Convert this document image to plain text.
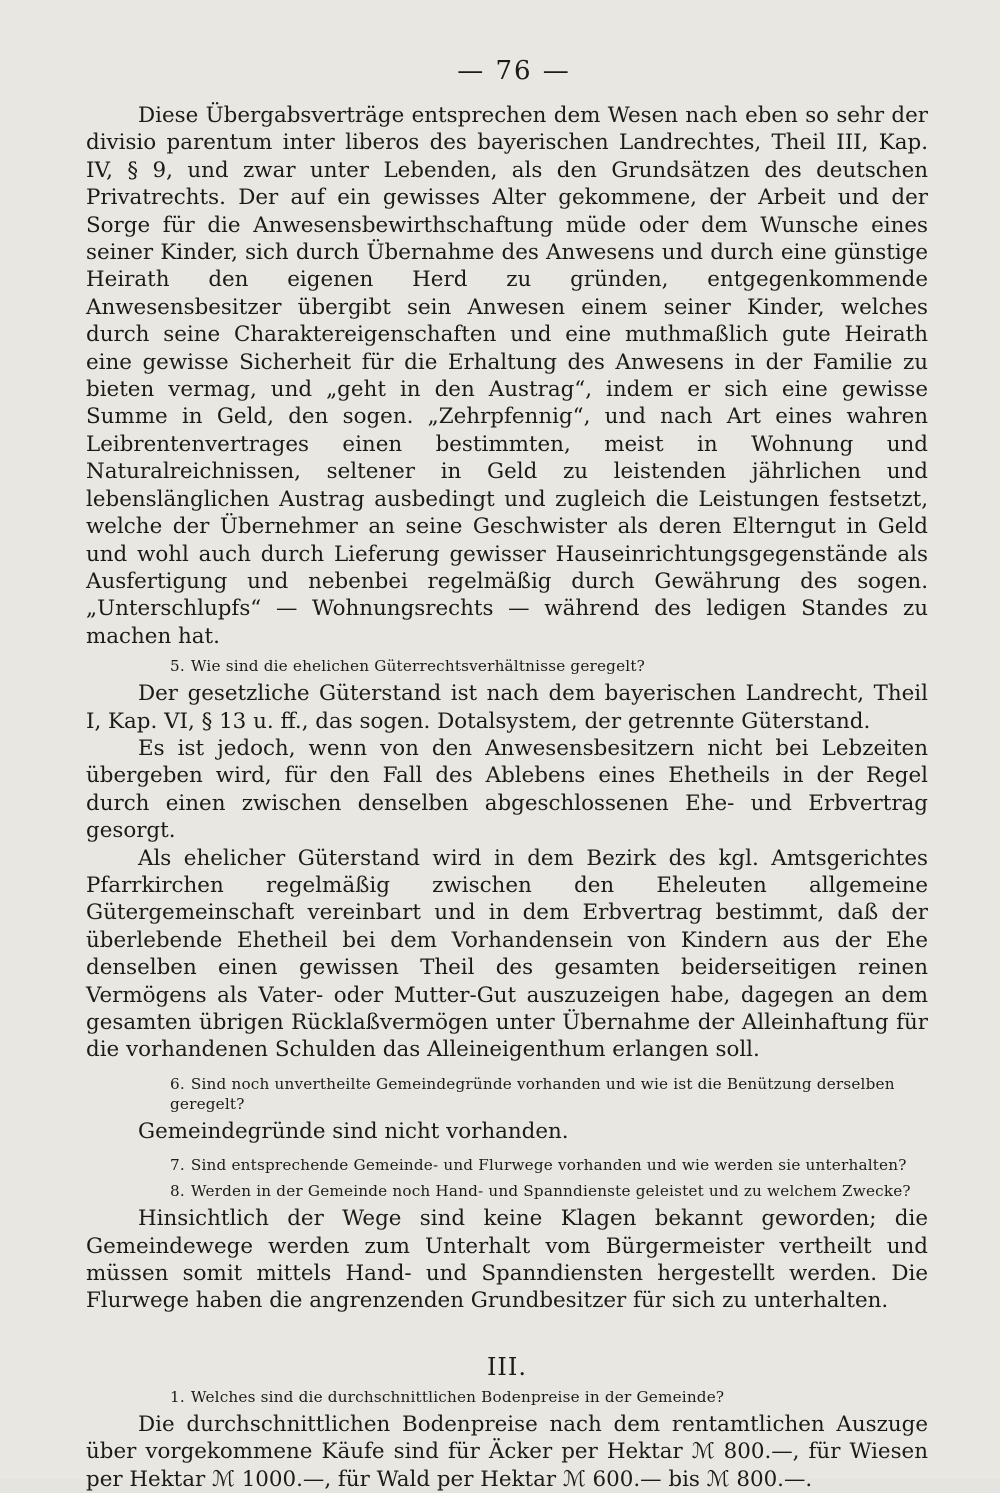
— 76 —

Diese Übergabsverträge entsprechen dem Wesen nach eben so sehr der divisio parentum inter liberos des bayerischen Landrechtes, Theil III, Kap. IV, § 9, und zwar unter Lebenden, als den Grundsätzen des deutschen Privatrechts. Der auf ein gewisses Alter gekommene, der Arbeit und der Sorge für die Anwesensbewirthschaftung müde oder dem Wunsche eines seiner Kinder, sich durch Übernahme des Anwesens und durch eine günstige Heirath den eigenen Herd zu gründen, entgegenkommende Anwesensbesitzer übergibt sein Anwesen einem seiner Kinder, welches durch seine Charaktereigenschaften und eine muthmaßlich gute Heirath eine gewisse Sicherheit für die Erhaltung des Anwesens in der Familie zu bieten vermag, und „geht in den Austrag“, indem er sich eine gewisse Summe in Geld, den sogen. „Zehrpfennig“, und nach Art eines wahren Leibrentenvertrages einen bestimmten, meist in Wohnung und Naturalreichnissen, seltener in Geld zu leistenden jährlichen und lebenslänglichen Austrag ausbedingt und zugleich die Leistungen festsetzt, welche der Übernehmer an seine Geschwister als deren Elterngut in Geld und wohl auch durch Lieferung gewisser Hauseinrichtungsgegenstände als Ausfertigung und nebenbei regelmäßig durch Gewährung des sogen. „Unterschlupfs“ — Wohnungsrechts — während des ledigen Standes zu machen hat.

5. Wie sind die ehelichen Güterrechtsverhältnisse geregelt?

Der gesetzliche Güterstand ist nach dem bayerischen Landrecht, Theil I, Kap. VI, § 13 u. ff., das sogen. Dotalsystem, der getrennte Güterstand.

Es ist jedoch, wenn von den Anwesensbesitzern nicht bei Lebzeiten übergeben wird, für den Fall des Ablebens eines Ehetheils in der Regel durch einen zwischen denselben abgeschlossenen Ehe- und Erbvertrag gesorgt.

Als ehelicher Güterstand wird in dem Bezirk des kgl. Amtsgerichtes Pfarrkirchen regelmäßig zwischen den Eheleuten allgemeine Gütergemeinschaft vereinbart und in dem Erbvertrag bestimmt, daß der überlebende Ehetheil bei dem Vorhandensein von Kindern aus der Ehe denselben einen gewissen Theil des gesamten beiderseitigen reinen Vermögens als Vater- oder Mutter-Gut auszuzeigen habe, dagegen an dem gesamten übrigen Rücklaßvermögen unter Übernahme der Alleinhaftung für die vorhandenen Schulden das Alleineigenthum erlangen soll.

6. Sind noch unvertheilte Gemeindegründe vorhanden und wie ist die Benützung derselben geregelt?

Gemeindegründe sind nicht vorhanden.

7. Sind entsprechende Gemeinde- und Flurwege vorhanden und wie werden sie unterhalten?
8. Werden in der Gemeinde noch Hand- und Spanndienste geleistet und zu welchem Zwecke?

Hinsichtlich der Wege sind keine Klagen bekannt geworden; die Gemeindewege werden zum Unterhalt vom Bürgermeister vertheilt und müssen somit mittels Hand- und Spanndiensten hergestellt werden. Die Flurwege haben die angrenzenden Grundbesitzer für sich zu unterhalten.

III.
1. Welches sind die durchschnittlichen Bodenpreise in der Gemeinde?

Die durchschnittlichen Bodenpreise nach dem rentamtlichen Auszuge über vorgekommene Käufe sind für Äcker per Hektar ℳ 800.—, für Wiesen per Hektar ℳ 1000.—, für Wald per Hektar ℳ 600.— bis ℳ 800.—.
